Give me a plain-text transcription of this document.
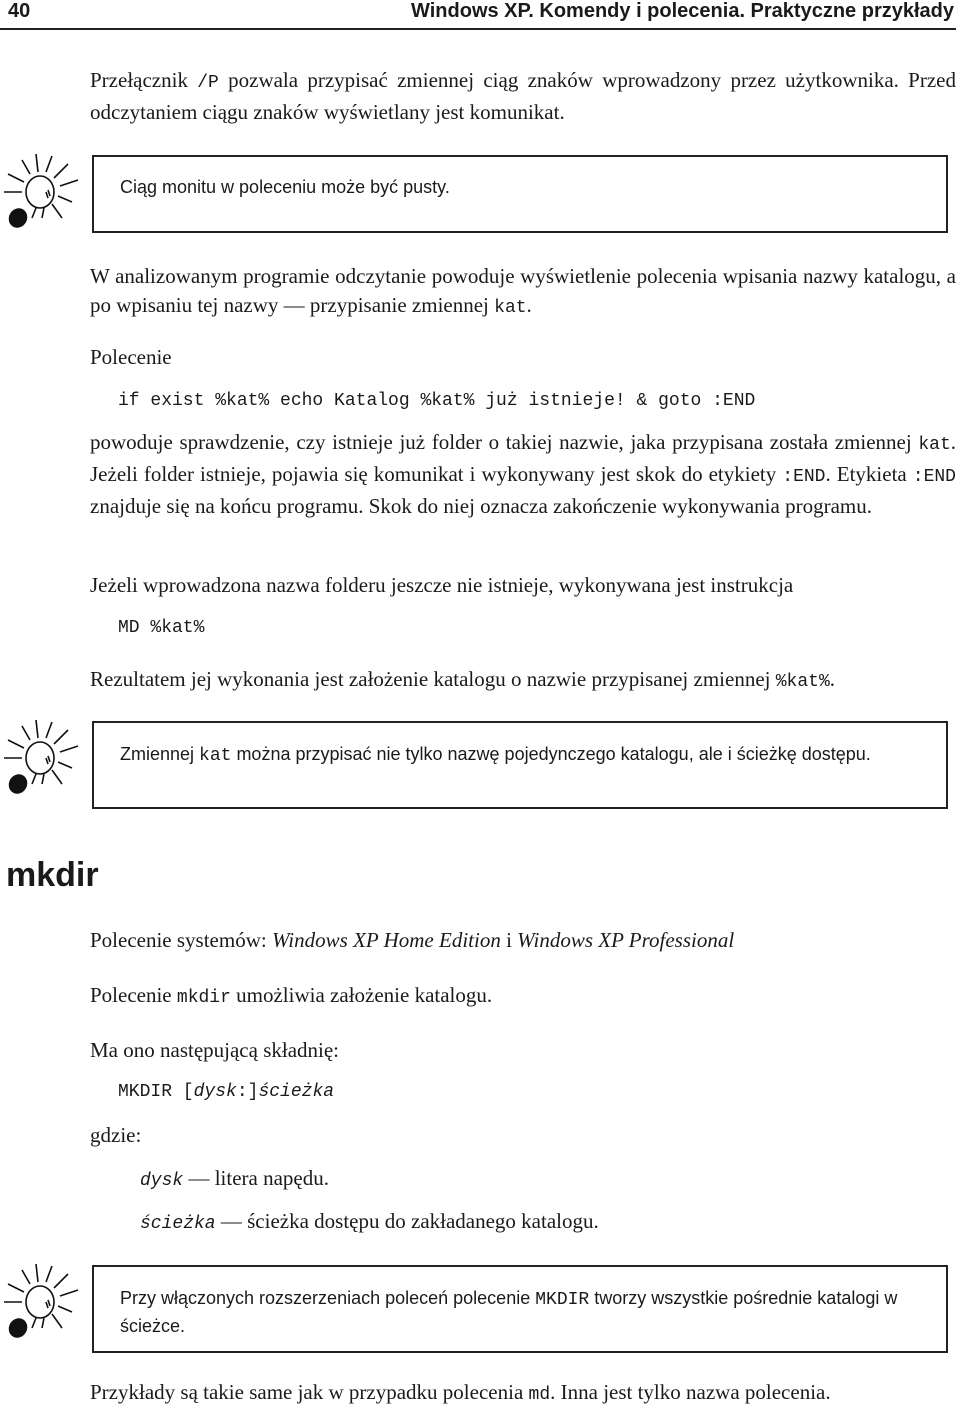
40	Windows XP. Komendy i polecenia. Praktyczne przykłady
Przełącznik /P pozwala przypisać zmiennej ciąg znaków wprowadzony przez użytkownika. Przed odczytaniem ciągu znaków wyświetlany jest komunikat.
Ciąg monitu w poleceniu może być pusty.
W analizowanym programie odczytanie powoduje wyświetlenie polecenia wpisania nazwy katalogu, a po wpisaniu tej nazwy — przypisanie zmiennej kat.
Polecenie
if exist %kat% echo Katalog %kat% już istnieje! & goto :END
powoduje sprawdzenie, czy istnieje już folder o takiej nazwie, jaka przypisana została zmiennej kat. Jeżeli folder istnieje, pojawia się komunikat i wykonywany jest skok do etykiety :END. Etykieta :END znajduje się na końcu programu. Skok do niej oznacza zakończenie wykonywania programu.
Jeżeli wprowadzona nazwa folderu jeszcze nie istnieje, wykonywana jest instrukcja
MD %kat%
Rezultatem jej wykonania jest założenie katalogu o nazwie przypisanej zmiennej %kat%.
Zmiennej kat można przypisać nie tylko nazwę pojedynczego katalogu, ale i ścieżkę dostępu.
mkdir
Polecenie systemów: Windows XP Home Edition i Windows XP Professional
Polecenie mkdir umożliwia założenie katalogu.
Ma ono następującą składnię:
MKDIR [dysk:]ścieżka
gdzie:
dysk — litera napędu.
ścieżka — ścieżka dostępu do zakładanego katalogu.
Przy włączonych rozszerzeniach poleceń polecenie MKDIR tworzy wszystkie pośrednie katalogi w ścieżce.
Przykłady są takie same jak w przypadku polecenia md. Inna jest tylko nazwa polecenia.
